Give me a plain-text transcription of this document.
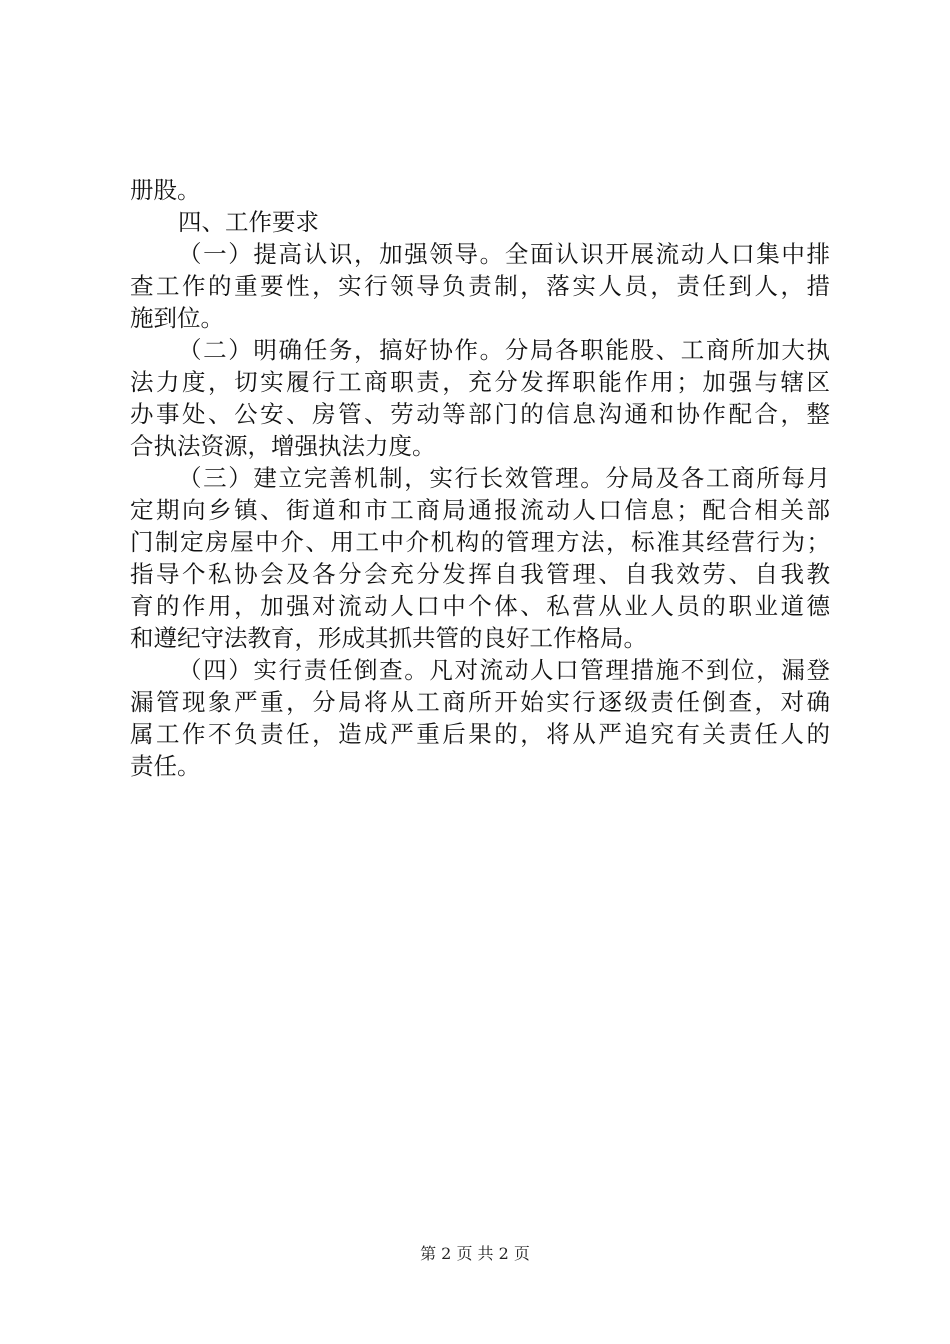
册股。
四、工作要求
（一）提高认识，加强领导。全面认识开展流动人口集中排
查工作的重要性，实行领导负责制，落实人员，责任到人，措
施到位。
（二）明确任务，搞好协作。分局各职能股、工商所加大执
法力度，切实履行工商职责，充分发挥职能作用；加强与辖区
办事处、公安、房管、劳动等部门的信息沟通和协作配合，整
合执法资源，增强执法力度。
（三）建立完善机制，实行长效管理。分局及各工商所每月
定期向乡镇、街道和市工商局通报流动人口信息；配合相关部
门制定房屋中介、用工中介机构的管理方法，标准其经营行为；
指导个私协会及各分会充分发挥自我管理、自我效劳、自我教
育的作用，加强对流动人口中个体、私营从业人员的职业道德
和遵纪守法教育，形成其抓共管的良好工作格局。
（四）实行责任倒查。凡对流动人口管理措施不到位，漏登
漏管现象严重，分局将从工商所开始实行逐级责任倒查，对确
属工作不负责任，造成严重后果的，将从严追究有关责任人的
责任。
第 2 页 共 2 页
